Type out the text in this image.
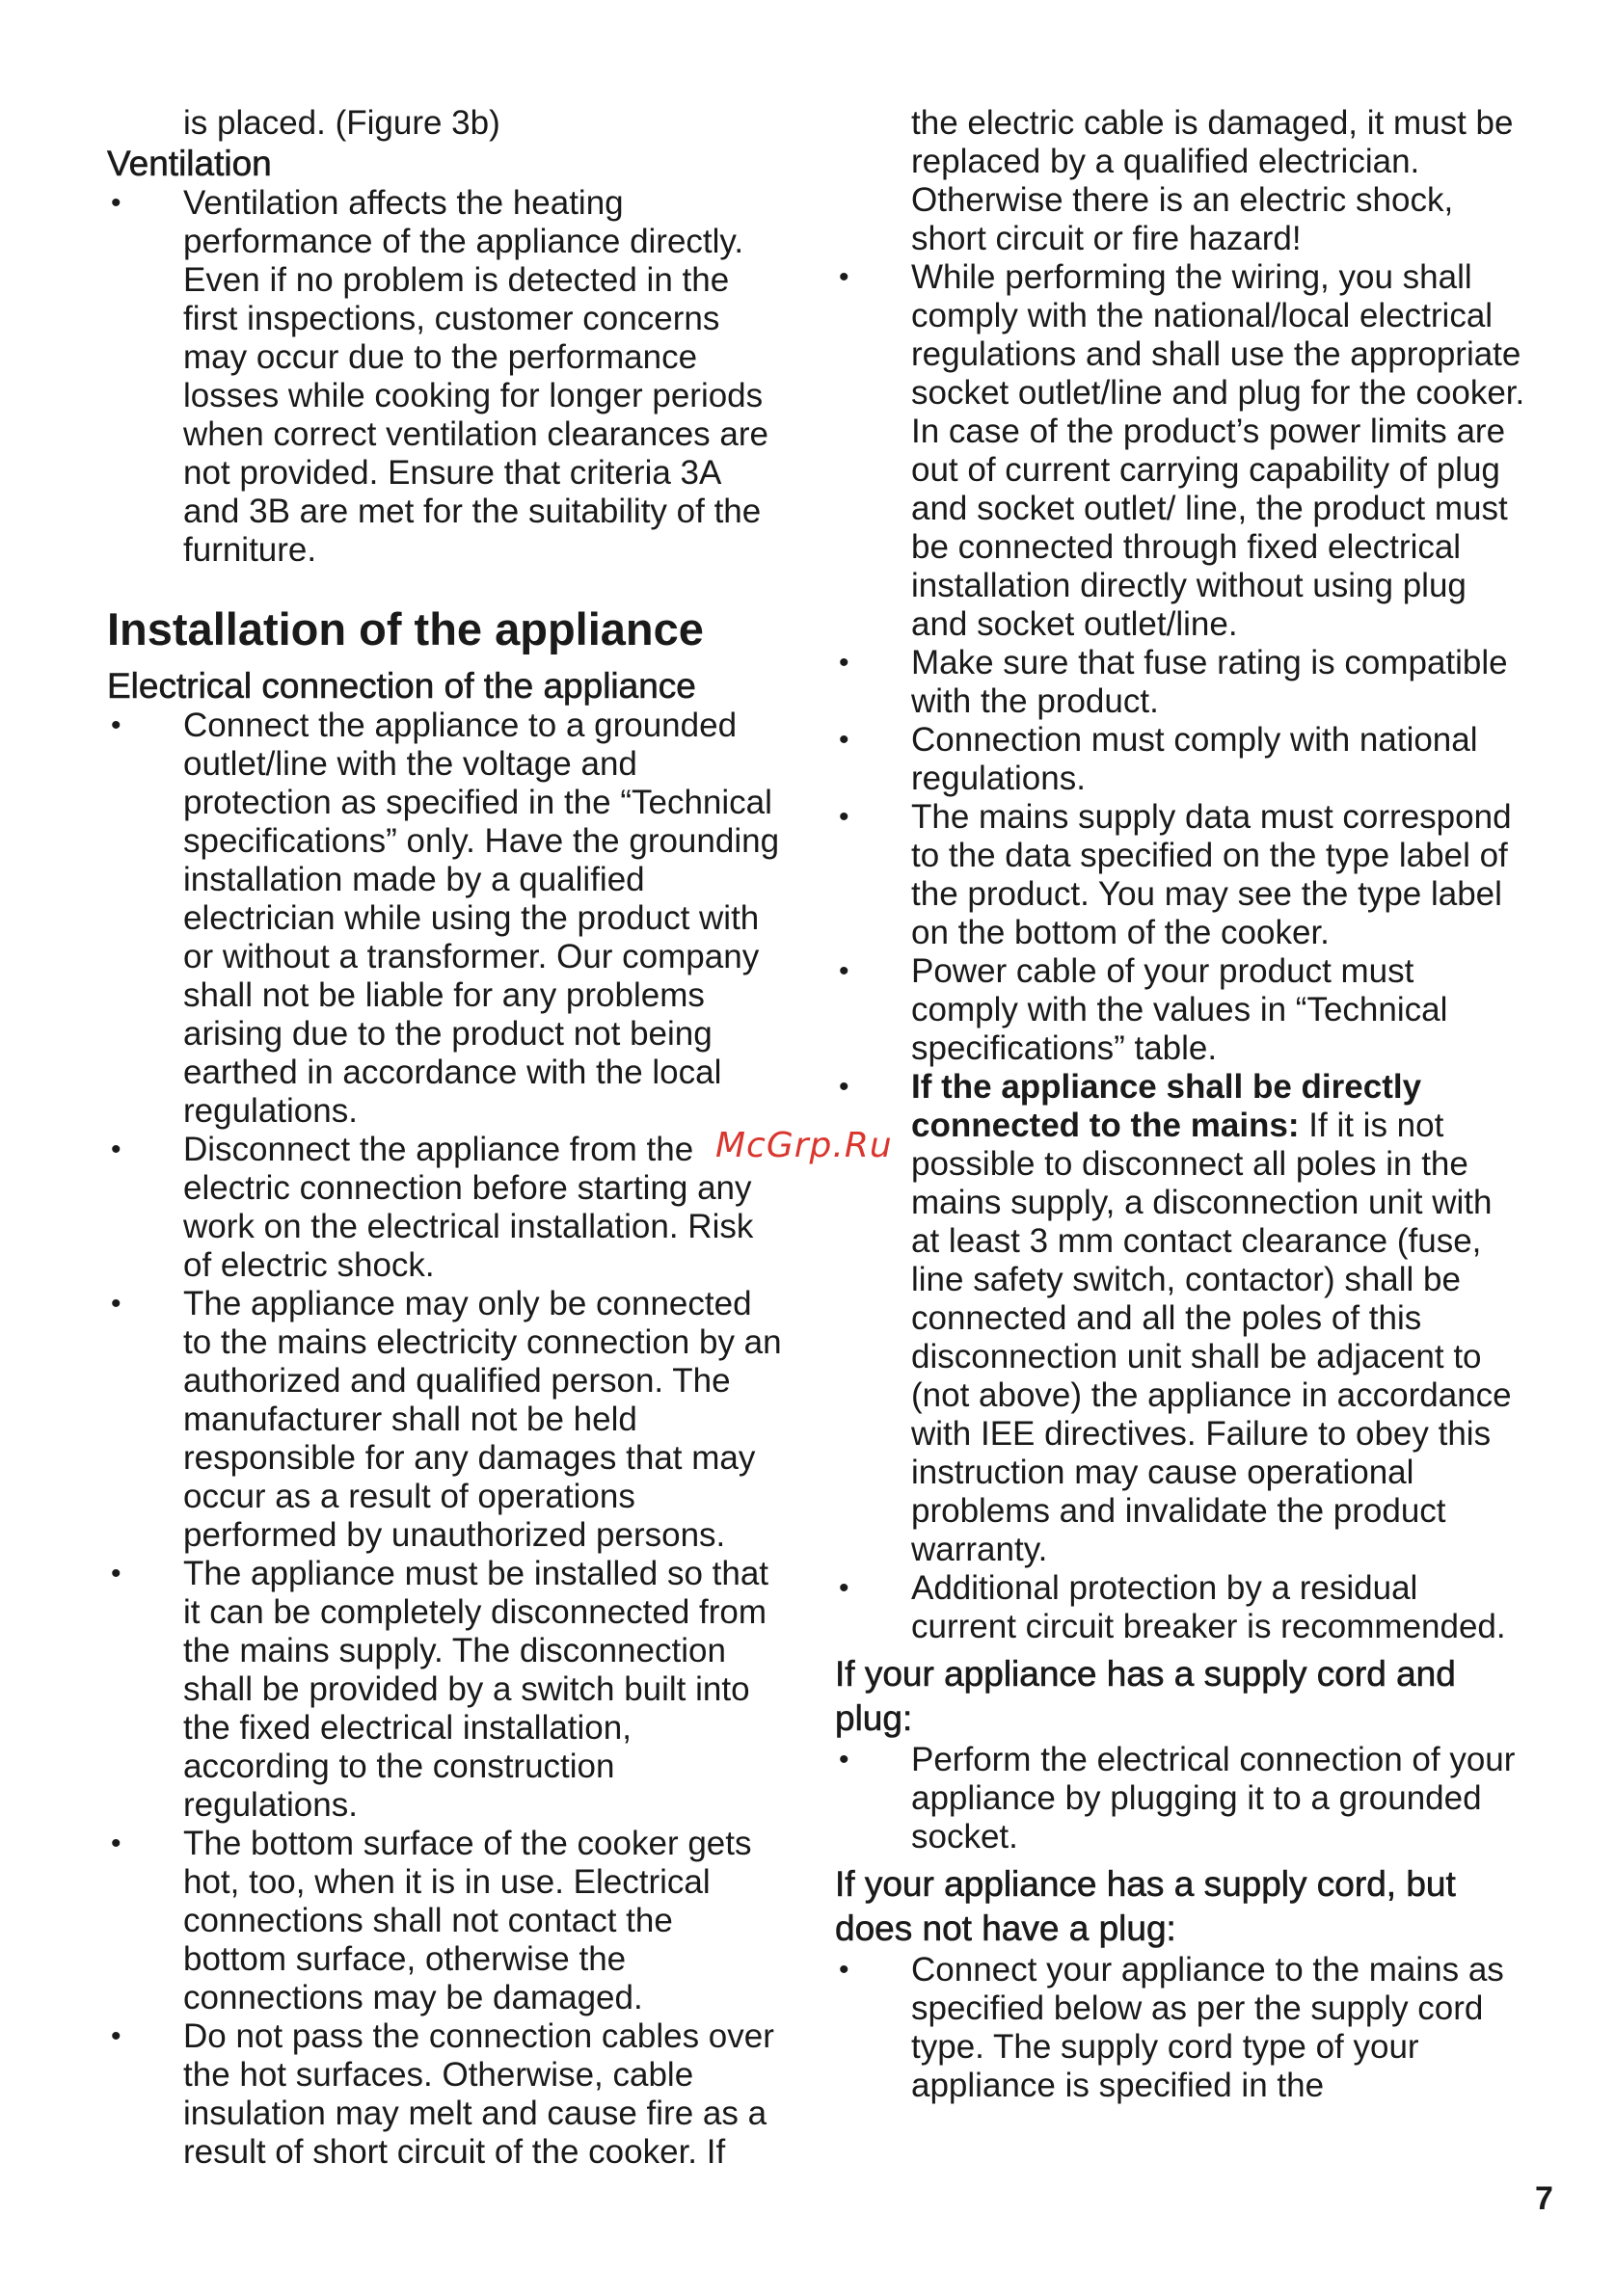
is placed. (Figure 3b)

Ventilation
• Ventilation affects the heating performance of the appliance directly. Even if no problem is detected in the first inspections, customer concerns may occur due to the performance losses while cooking for longer periods when correct ventilation clearances are not provided. Ensure that criteria 3A and 3B are met for the suitability of the furniture.
Installation of the appliance
Electrical connection of the appliance
• Connect the appliance to a grounded outlet/line with the voltage and protection as specified in the “Technical specifications” only. Have the grounding installation made by a qualified electrician while using the product with or without a transformer. Our company shall not be liable for any problems arising due to the product not being earthed in accordance with the local regulations.
• Disconnect the appliance from the electric connection before starting any work on the electrical installation. Risk of electric shock.
• The appliance may only be connected to the mains electricity connection by an authorized and qualified person. The manufacturer shall not be held responsible for any damages that may occur as a result of operations performed by unauthorized persons.
• The appliance must be installed so that it can be completely disconnected from the mains supply. The disconnection shall be provided by a switch built into the fixed electrical installation, according to the construction regulations.
• The bottom surface of the cooker gets hot, too, when it is in use. Electrical connections shall not contact the bottom surface, otherwise the connections may be damaged.
• Do not pass the connection cables over the hot surfaces. Otherwise, cable insulation may melt and cause fire as a result of short circuit of the cooker. If

the electric cable is damaged, it must be replaced by a qualified electrician. Otherwise there is an electric shock, short circuit or fire hazard!

• While performing the wiring, you shall comply with the national/local electrical regulations and shall use the appropriate socket outlet/line and plug for the cooker. In case of the product’s power limits are out of current carrying capability of plug and socket outlet/ line, the product must be connected through fixed electrical installation directly without using plug and socket outlet/line.
• Make sure that fuse rating is compatible with the product.
• Connection must comply with national regulations.
• The mains supply data must correspond to the data specified on the type label of the product. You may see the type label on the bottom of the cooker.
• Power cable of your product must comply with the values in “Technical specifications” table.
• If the appliance shall be directly connected to the mains: If it is not possible to disconnect all poles in the mains supply, a disconnection unit with at least 3 mm contact clearance (fuse, line safety switch, contactor) shall be connected and all the poles of this disconnection unit shall be adjacent to (not above) the appliance in accordance with IEE directives. Failure to obey this instruction may cause operational problems and invalidate the product warranty.
• Additional protection by a residual current circuit breaker is recommended.
If your appliance has a supply cord and plug:
• Perform the electrical connection of your appliance by plugging it to a grounded socket.
If your appliance has a supply cord, but does not have a plug:
• Connect your appliance to the mains as specified below as per the supply cord type. The supply cord type of your appliance is specified in the
McGrp.Ru
7
